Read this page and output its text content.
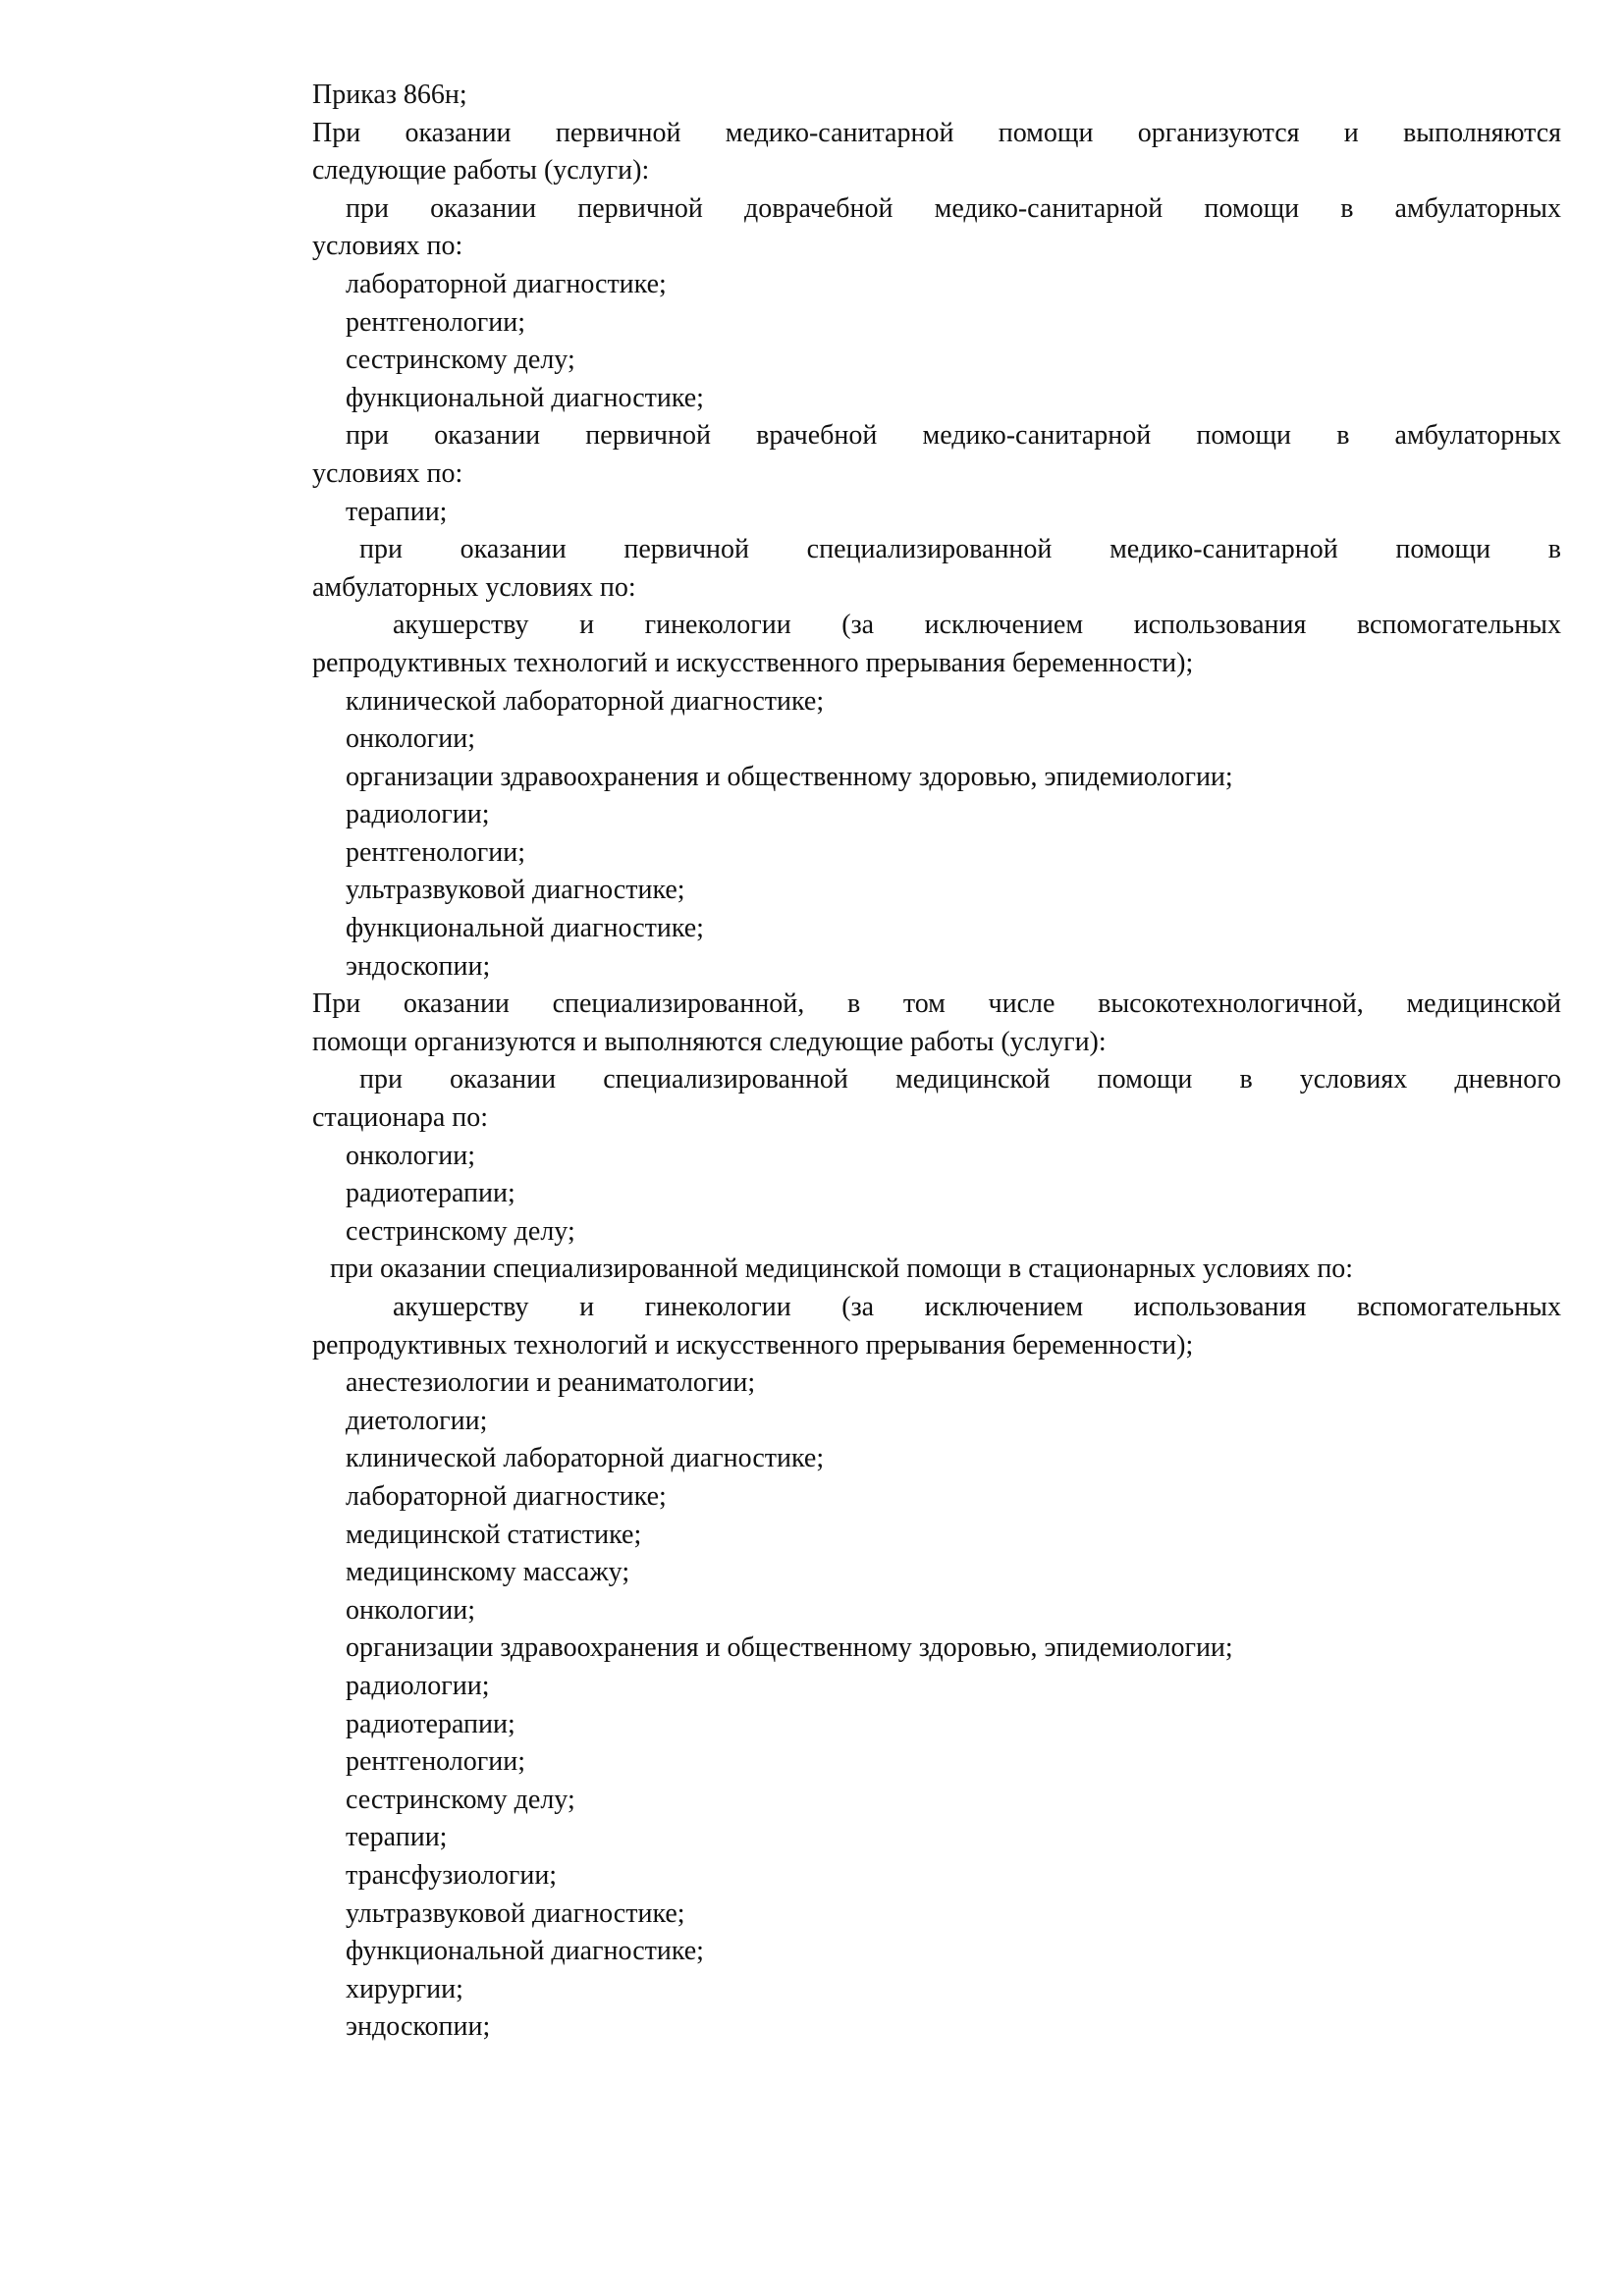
Приказ 866н;
При оказании первичной медико-санитарной помощи организуются и выполняются
следующие работы (услуги):
при оказании первичной доврачебной медико-санитарной помощи в амбулаторных
условиях по:
лабораторной диагностике;
рентгенологии;
сестринскому делу;
функциональной диагностике;
при оказании первичной врачебной медико-санитарной помощи в амбулаторных
условиях по:
терапии;
при оказании первичной специализированной медико-санитарной помощи в
амбулаторных условиях по:
акушерству и гинекологии (за исключением использования вспомогательных
репродуктивных технологий и искусственного прерывания беременности);
клинической лабораторной диагностике;
онкологии;
организации здравоохранения и общественному здоровью, эпидемиологии;
радиологии;
рентгенологии;
ультразвуковой диагностике;
функциональной диагностике;
эндоскопии;
При оказании специализированной, в том числе высокотехнологичной, медицинской
помощи организуются и выполняются следующие работы (услуги):
при оказании специализированной медицинской помощи в условиях дневного
стационара по:
онкологии;
радиотерапии;
сестринскому делу;
при оказании специализированной медицинской помощи в стационарных условиях по:
акушерству и гинекологии (за исключением использования вспомогательных
репродуктивных технологий и искусственного прерывания беременности);
анестезиологии и реаниматологии;
диетологии;
клинической лабораторной диагностике;
лабораторной диагностике;
медицинской статистике;
медицинскому массажу;
онкологии;
организации здравоохранения и общественному здоровью, эпидемиологии;
радиологии;
радиотерапии;
рентгенологии;
сестринскому делу;
терапии;
трансфузиологии;
ультразвуковой диагностике;
функциональной диагностике;
хирургии;
эндоскопии;
